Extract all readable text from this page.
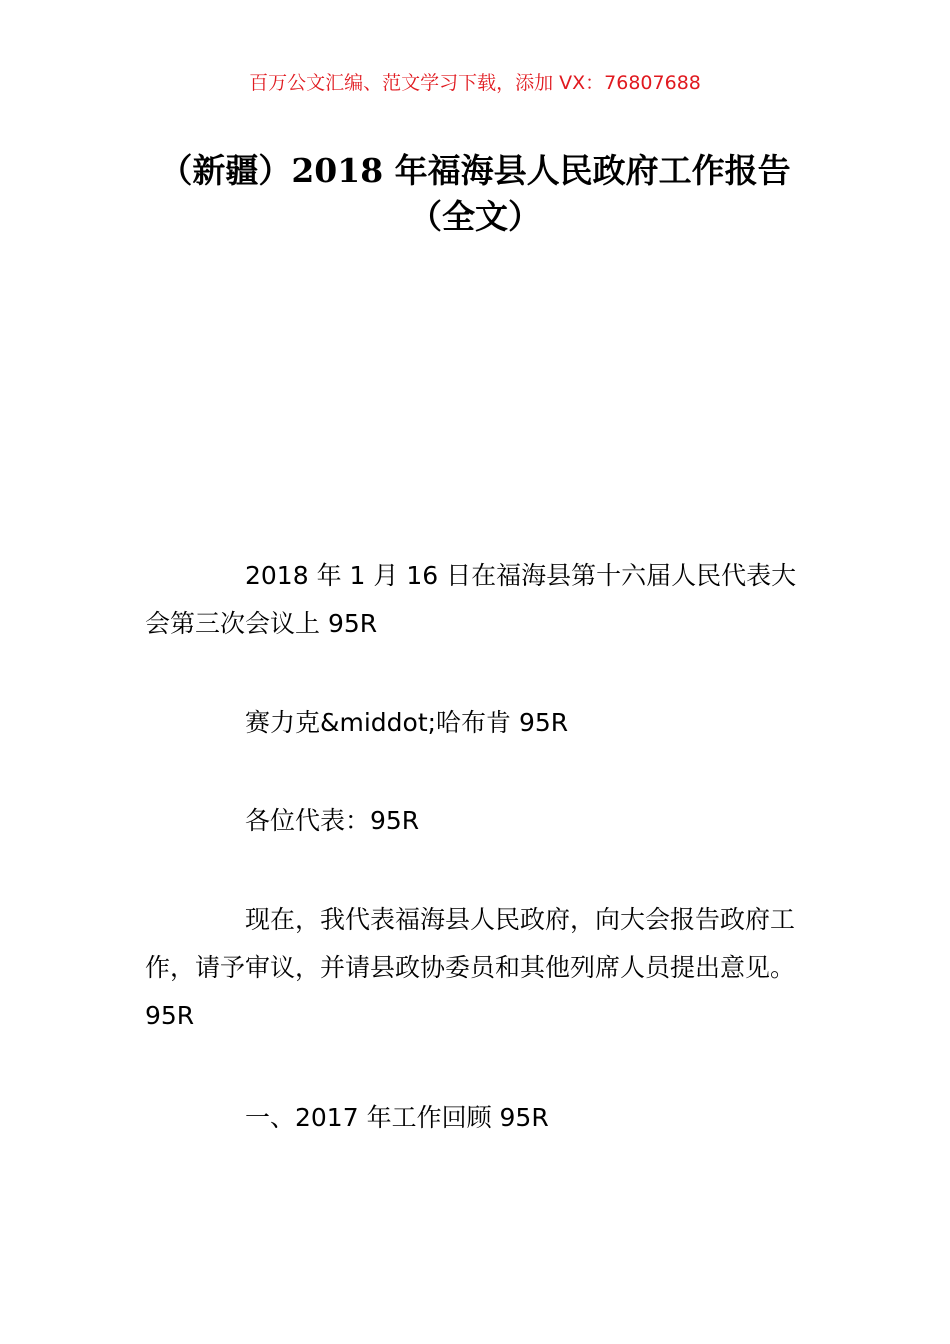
百万公文汇编、范文学习下载，添加 VX：76807688
（新疆）2018 年福海县人民政府工作报告
（全文）

2018 年 1 月 16 日在福海县第十六届人民代表大会第三次会议上 95R

赛力克&middot;哈布肯 95R

各位代表：95R

现在，我代表福海县人民政府，向大会报告政府工作，请予审议，并请县政协委员和其他列席人员提出意见。95R

一、2017 年工作回顾 95R
